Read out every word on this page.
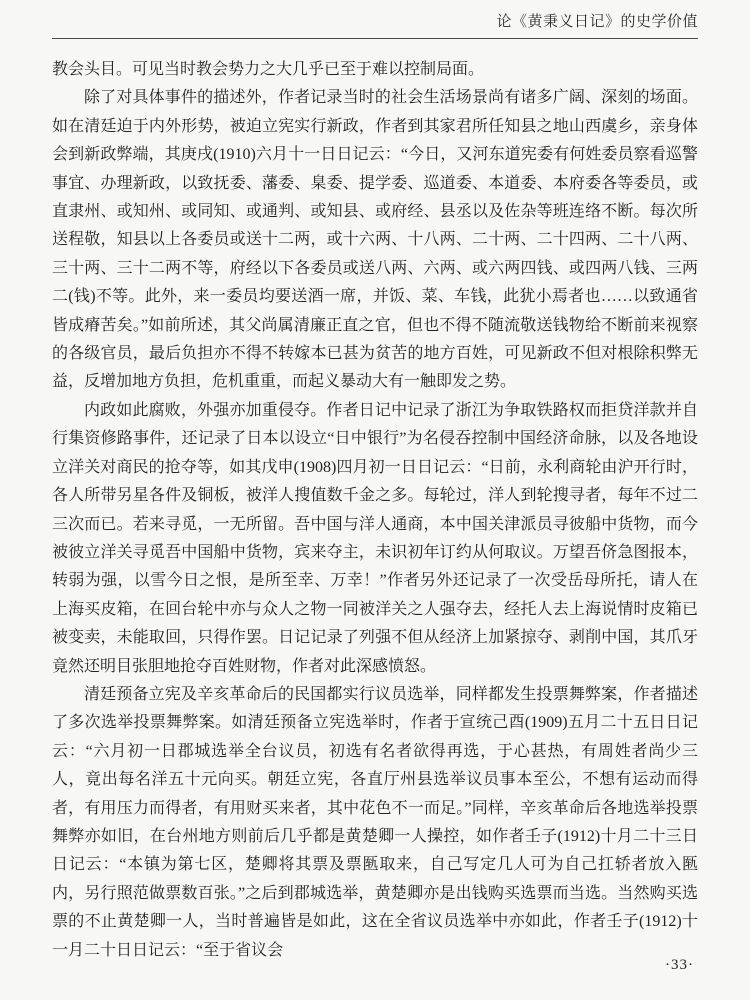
论《黄秉义日记》的史学价值

教会头目。可见当时教会势力之大几乎已至于难以控制局面。

除了对具体事件的描述外，作者记录当时的社会生活场景尚有诸多广阔、深刻的场面。如在清廷迫于内外形势，被迫立宪实行新政，作者到其家君所任知县之地山西虞乡，亲身体会到新政弊端，其庚戌(1910)六月十一日日记云：“今日，又河东道宪委有何姓委员察看巡警事宜、办理新政，以致抚委、藩委、臬委、提学委、巡道委、本道委、本府委各等委员，或直隶州、或知州、或同知、或通判、或知县、或府经、县丞以及佐杂等班连络不断。每次所送程敬，知县以上各委员或送十二两，或十六两、十八两、二十两、二十四两、二十八两、三十两、三十二两不等，府经以下各委员或送八两、六两、或六两四钱、或四两八钱、三两二(钱)不等。此外，来一委员均要送酒一席，并饭、菜、车钱，此犹小焉者也……以致通省皆成瘠苦矣。”如前所述，其父尚属清廉正直之官，但也不得不随流敬送钱物给不断前来视察的各级官员，最后负担亦不得不转嫁本已甚为贫苦的地方百姓，可见新政不但对根除积弊无益，反增加地方负担，危机重重，而起义暴动大有一触即发之势。

内政如此腐败，外强亦加重侵夺。作者日记中记录了浙江为争取铁路权而拒贷洋款并自行集资修路事件，还记录了日本以设立“日中银行”为名侵吞控制中国经济命脉，以及各地设立洋关对商民的抢夺等，如其戊申(1908)四月初一日日记云：“日前，永利商轮由沪开行时，各人所带另星各件及铜板，被洋人搜值数千金之多。每轮过，洋人到轮搜寻者，每年不过二三次而已。若来寻觅，一无所留。吾中国与洋人通商，本中国关津派员寻彼船中货物，而今被彼立洋关寻觅吾中国船中货物，宾来夺主，未识初年订约从何取议。万望吾侪急图报本，转弱为强，以雪今日之恨，是所至幸、万幸！”作者另外还记录了一次受岳母所托，请人在上海买皮箱，在回台轮中亦与众人之物一同被洋关之人强夺去，经托人去上海说情时皮箱已被变卖，未能取回，只得作罢。日记记录了列强不但从经济上加紧掠夺、剥削中国，其爪牙竟然还明目张胆地抢夺百姓财物，作者对此深感愤怒。

清廷预备立宪及辛亥革命后的民国都实行议员选举，同样都发生投票舞弊案，作者描述了多次选举投票舞弊案。如清廷预备立宪选举时，作者于宣统己酉(1909)五月二十五日日记云：“六月初一日郡城选举全台议员，初选有名者欲得再选，于心甚热，有周姓者尚少三人，竟出每名洋五十元向买。朝廷立宪，各直厅州县选举议员事本至公，不想有运动而得者，有用压力而得者，有用财买来者，其中花色不一而足。”同样，辛亥革命后各地选举投票舞弊亦如旧，在台州地方则前后几乎都是黄楚卿一人操控，如作者壬子(1912)十月二十三日日记云：“本镇为第七区，楚卿将其票及票匦取来，自己写定几人可为自己扛轿者放入匦内，另行照范做票数百张。”之后到郡城选举，黄楚卿亦是出钱购买选票而当选。当然购买选票的不止黄楚卿一人，当时普遍皆是如此，这在全省议员选举中亦如此，作者壬子(1912)十一月二十日日记云：“至于省议会

·33·
